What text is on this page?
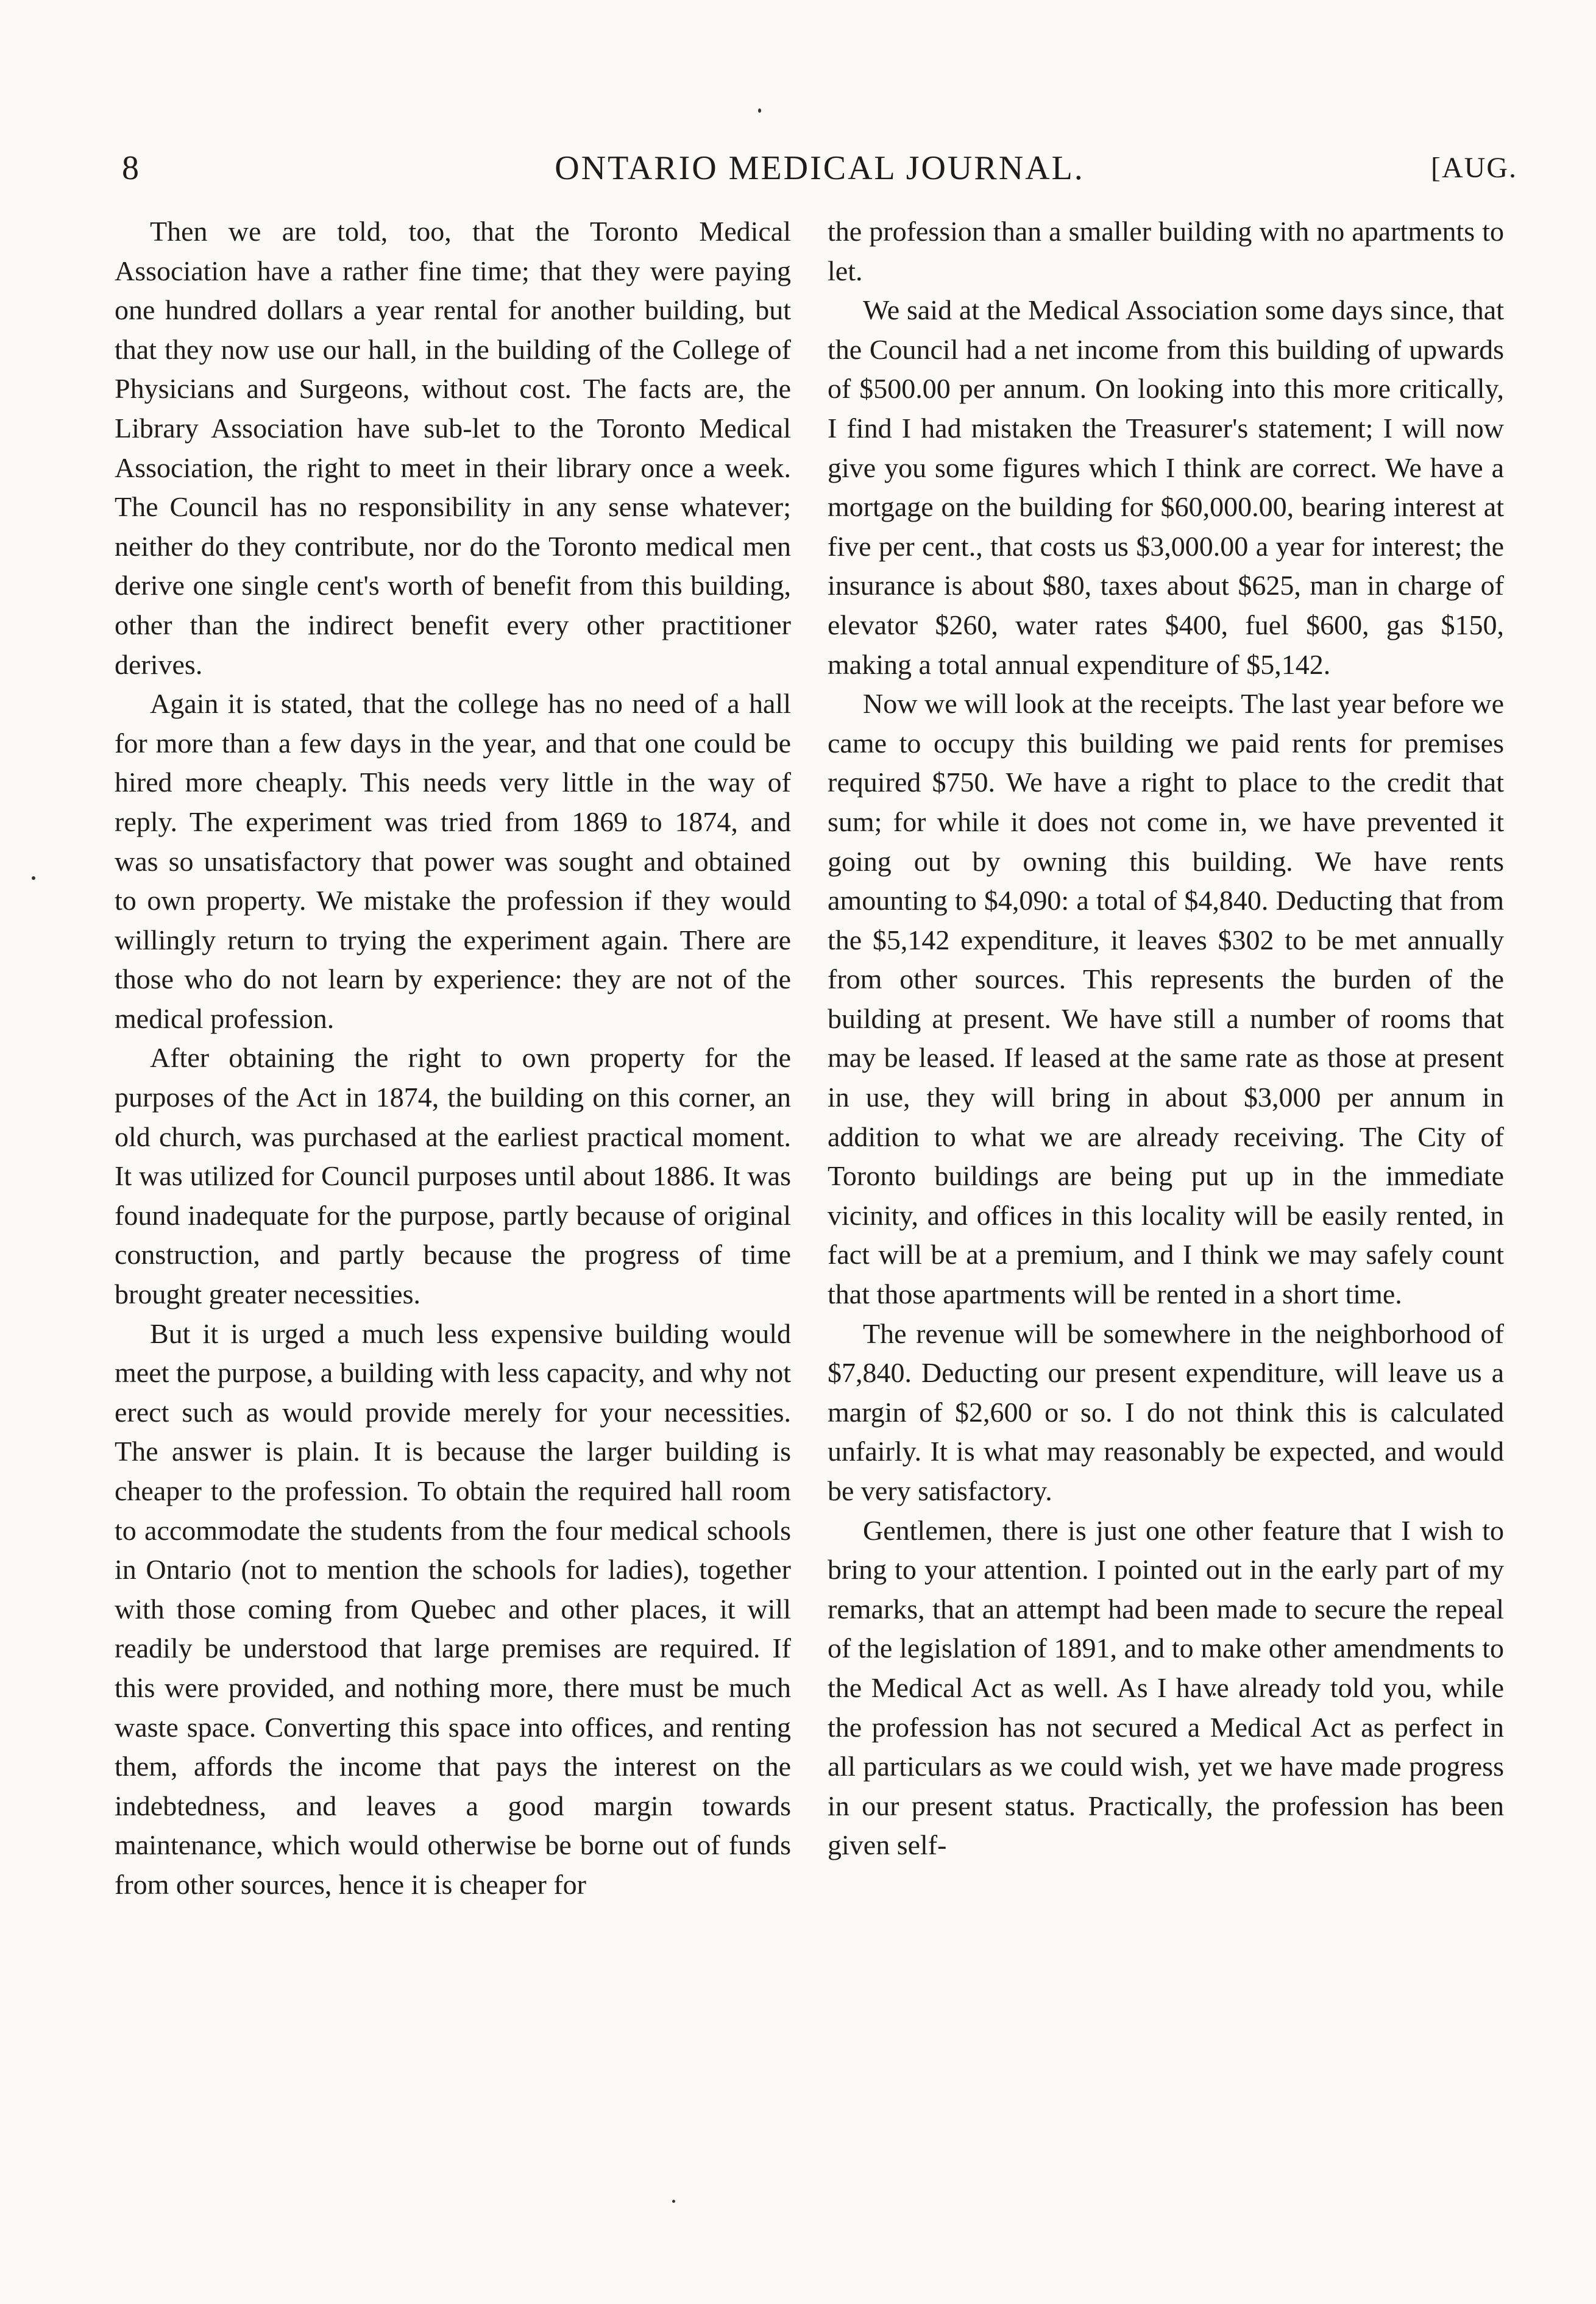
8	ONTARIO MEDICAL JOURNAL.	[AUG.

Then we are told, too, that the Toronto Medical Association have a rather fine time; that they were paying one hundred dollars a year rental for another building, but that they now use our hall, in the building of the College of Physicians and Surgeons, without cost. The facts are, the Library Association have sub-let to the Toronto Medical Association, the right to meet in their library once a week. The Council has no responsibility in any sense whatever; neither do they contribute, nor do the Toronto medical men derive one single cent's worth of benefit from this building, other than the indirect benefit every other practitioner derives.

Again it is stated, that the college has no need of a hall for more than a few days in the year, and that one could be hired more cheaply. This needs very little in the way of reply. The experiment was tried from 1869 to 1874, and was so unsatisfactory that power was sought and obtained to own property. We mistake the profession if they would willingly return to trying the experiment again. There are those who do not learn by experience: they are not of the medical profession.

After obtaining the right to own property for the purposes of the Act in 1874, the building on this corner, an old church, was purchased at the earliest practical moment. It was utilized for Council purposes until about 1886. It was found inadequate for the purpose, partly because of original construction, and partly because the progress of time brought greater necessities.

But it is urged a much less expensive building would meet the purpose, a building with less capacity, and why not erect such as would provide merely for your necessities. The answer is plain. It is because the larger building is cheaper to the profession. To obtain the required hall room to accommodate the students from the four medical schools in Ontario (not to mention the schools for ladies), together with those coming from Quebec and other places, it will readily be understood that large premises are required. If this were provided, and nothing more, there must be much waste space. Converting this space into offices, and renting them, affords the income that pays the interest on the indebtedness, and leaves a good margin towards maintenance, which would otherwise be borne out of funds from other sources, hence it is cheaper for

the profession than a smaller building with no apartments to let.

We said at the Medical Association some days since, that the Council had a net income from this building of upwards of $500.00 per annum. On looking into this more critically, I find I had mistaken the Treasurer's statement; I will now give you some figures which I think are correct. We have a mortgage on the building for $60,000.00, bearing interest at five per cent., that costs us $3,000.00 a year for interest; the insurance is about $80, taxes about $625, man in charge of elevator $260, water rates $400, fuel $600, gas $150, making a total annual expenditure of $5,142.

Now we will look at the receipts. The last year before we came to occupy this building we paid rents for premises required $750. We have a right to place to the credit that sum; for while it does not come in, we have prevented it going out by owning this building. We have rents amounting to $4,090: a total of $4,840. Deducting that from the $5,142 expenditure, it leaves $302 to be met annually from other sources. This represents the burden of the building at present. We have still a number of rooms that may be leased. If leased at the same rate as those at present in use, they will bring in about $3,000 per annum in addition to what we are already receiving. The City of Toronto buildings are being put up in the immediate vicinity, and offices in this locality will be easily rented, in fact will be at a premium, and I think we may safely count that those apartments will be rented in a short time.

The revenue will be somewhere in the neighborhood of $7,840. Deducting our present expenditure, will leave us a margin of $2,600 or so. I do not think this is calculated unfairly. It is what may reasonably be expected, and would be very satisfactory.

Gentlemen, there is just one other feature that I wish to bring to your attention. I pointed out in the early part of my remarks, that an attempt had been made to secure the repeal of the legislation of 1891, and to make other amendments to the Medical Act as well. As I have already told you, while the profession has not secured a Medical Act as perfect in all particulars as we could wish, yet we have made progress in our present status. Practically, the profession has been given self-
